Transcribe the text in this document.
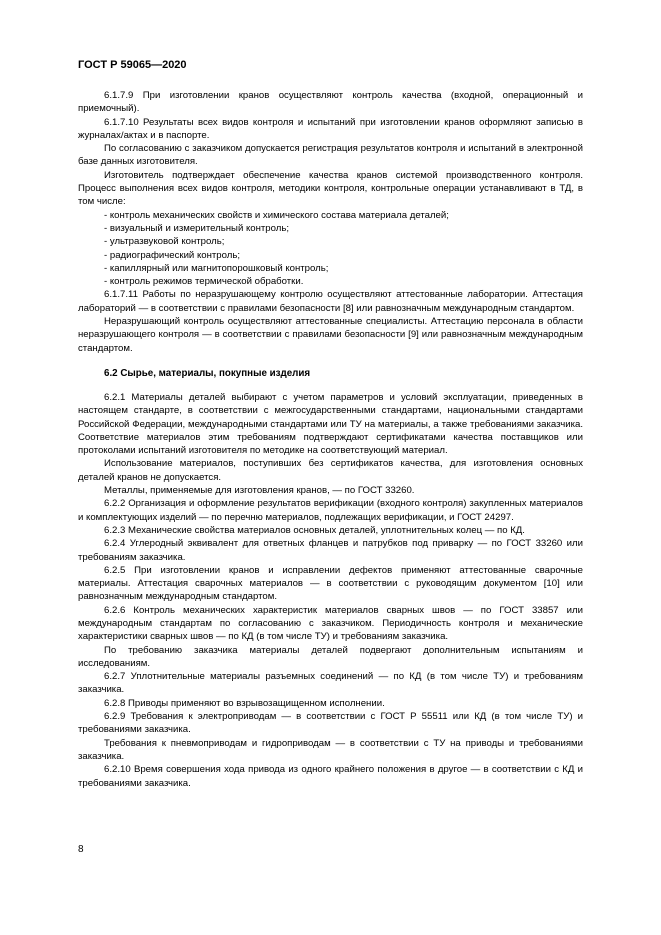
ГОСТ Р 59065—2020

6.1.7.9 При изготовлении кранов осуществляют контроль качества (входной, операционный и приемочный).

6.1.7.10 Результаты всех видов контроля и испытаний при изготовлении кранов оформляют записью в журналах/актах и в паспорте.

По согласованию с заказчиком допускается регистрация результатов контроля и испытаний в электронной базе данных изготовителя.

Изготовитель подтверждает обеспечение качества кранов системой производственного контроля. Процесс выполнения всех видов контроля, методики контроля, контрольные операции устанавливают в ТД, в том числе:

- контроль механических свойств и химического состава материала деталей;

- визуальный и измерительный контроль;

- ультразвуковой контроль;

- радиографический контроль;

- капиллярный или магнитопорошковый контроль;

- контроль режимов термической обработки.

6.1.7.11 Работы по неразрушающему контролю осуществляют аттестованные лаборатории. Аттестация лабораторий — в соответствии с правилами безопасности [8] или равнозначным международным стандартом.

Неразрушающий контроль осуществляют аттестованные специалисты. Аттестацию персонала в области неразрушающего контроля — в соответствии с правилами безопасности [9] или равнозначным международным стандартом.

6.2 Сырье, материалы, покупные изделия

6.2.1 Материалы деталей выбирают с учетом параметров и условий эксплуатации, приведенных в настоящем стандарте, в соответствии с межгосударственными стандартами, национальными стандартами Российской Федерации, международными стандартами или ТУ на материалы, а также требованиями заказчика. Соответствие материалов этим требованиям подтверждают сертификатами качества поставщиков или протоколами испытаний изготовителя по методике на соответствующий материал.

Использование материалов, поступивших без сертификатов качества, для изготовления основных деталей кранов не допускается.

Металлы, применяемые для изготовления кранов, — по ГОСТ 33260.

6.2.2 Организация и оформление результатов верификации (входного контроля) закупленных материалов и комплектующих изделий — по перечню материалов, подлежащих верификации, и ГОСТ 24297.

6.2.3 Механические свойства материалов основных деталей, уплотнительных колец — по КД.

6.2.4 Углеродный эквивалент для ответных фланцев и патрубков под приварку — по ГОСТ 33260 или требованиям заказчика.

6.2.5 При изготовлении кранов и исправлении дефектов применяют аттестованные сварочные материалы. Аттестация сварочных материалов — в соответствии с руководящим документом [10] или равнозначным международным стандартом.

6.2.6 Контроль механических характеристик материалов сварных швов — по ГОСТ 33857 или международным стандартам по согласованию с заказчиком. Периодичность контроля и механические характеристики сварных швов — по КД (в том числе ТУ) и требованиям заказчика.

По требованию заказчика материалы деталей подвергают дополнительным испытаниям и исследованиям.

6.2.7 Уплотнительные материалы разъемных соединений — по КД (в том числе ТУ) и требованиям заказчика.

6.2.8 Приводы применяют во взрывозащищенном исполнении.

6.2.9 Требования к электроприводам — в соответствии с ГОСТ Р 55511 или КД (в том числе ТУ) и требованиями заказчика.

Требования к пневмоприводам и гидроприводам — в соответствии с ТУ на приводы и требованиями заказчика.

6.2.10 Время совершения хода привода из одного крайнего положения в другое — в соответствии с КД и требованиями заказчика.

8
